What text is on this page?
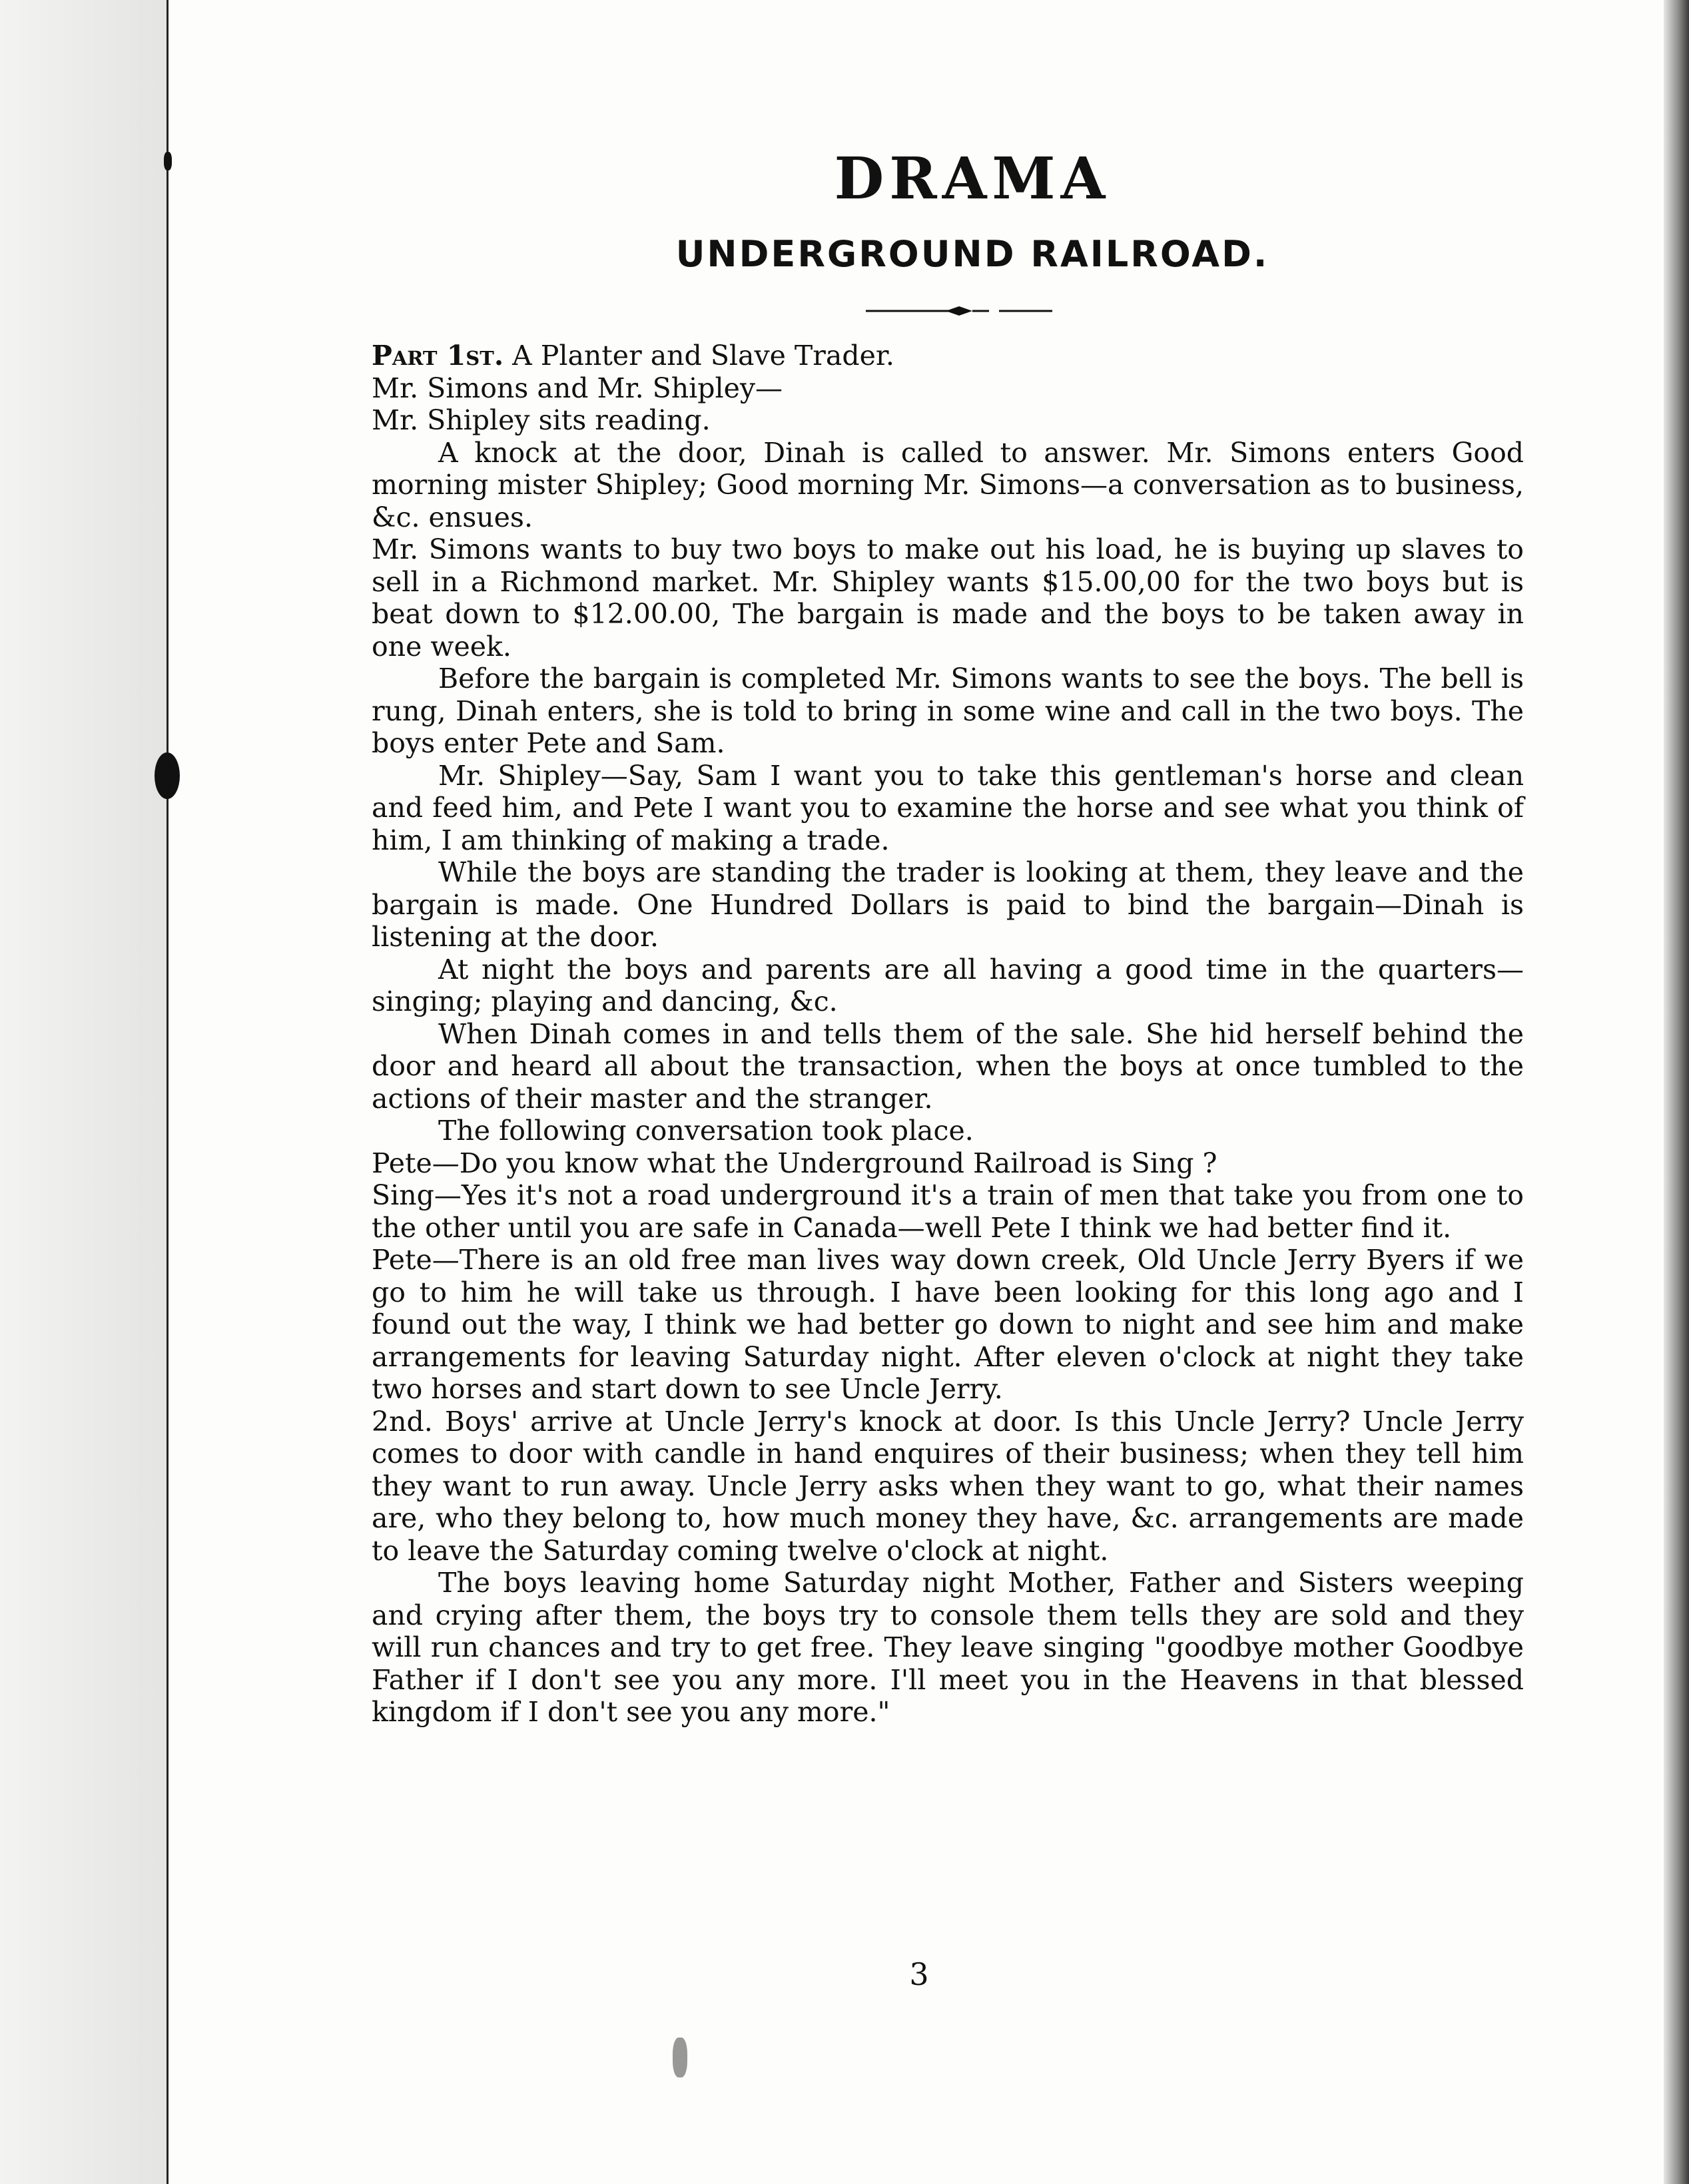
DRAMA
UNDERGROUND RAILROAD.

Part 1st. A Planter and Slave Trader.

Mr. Simons and Mr. Shipley—

Mr. Shipley sits reading.

A knock at the door, Dinah is called to answer. Mr. Simons enters Good morning mister Shipley; Good morning Mr. Simons—a conversation as to business, &c. ensues.

Mr. Simons wants to buy two boys to make out his load, he is buying up slaves to sell in a Richmond market. Mr. Shipley wants $15.00,00 for the two boys but is beat down to $12.00.00, The bargain is made and the boys to be taken away in one week.

Before the bargain is completed Mr. Simons wants to see the boys. The bell is rung, Dinah enters, she is told to bring in some wine and call in the two boys. The boys enter Pete and Sam.

Mr. Shipley—Say, Sam I want you to take this gentleman's horse and clean and feed him, and Pete I want you to examine the horse and see what you think of him, I am thinking of making a trade.

While the boys are standing the trader is looking at them, they leave and the bargain is made. One Hundred Dollars is paid to bind the bargain—Dinah is listening at the door.

At night the boys and parents are all having a good time in the quarters—singing; playing and dancing, &c.

When Dinah comes in and tells them of the sale. She hid herself behind the door and heard all about the transaction, when the boys at once tumbled to the actions of their master and the stranger.

The following conversation took place.

Pete—Do you know what the Underground Railroad is Sing ?

Sing—Yes it's not a road underground it's a train of men that take you from one to the other until you are safe in Canada—well Pete I think we had better find it.

Pete—There is an old free man lives way down creek, Old Uncle Jerry Byers if we go to him he will take us through. I have been looking for this long ago and I found out the way, I think we had better go down to night and see him and make arrangements for leaving Saturday night. After eleven o'clock at night they take two horses and start down to see Uncle Jerry.

2nd. Boys' arrive at Uncle Jerry's knock at door. Is this Uncle Jerry? Uncle Jerry comes to door with candle in hand enquires of their business; when they tell him they want to run away. Uncle Jerry asks when they want to go, what their names are, who they belong to, how much money they have, &c. arrangements are made to leave the Saturday coming twelve o'clock at night.

The boys leaving home Saturday night Mother, Father and Sisters weeping and crying after them, the boys try to console them tells they are sold and they will run chances and try to get free. They leave singing "goodbye mother Goodbye Father if I don't see you any more. I'll meet you in the Heavens in that blessed kingdom if I don't see you any more."

3
